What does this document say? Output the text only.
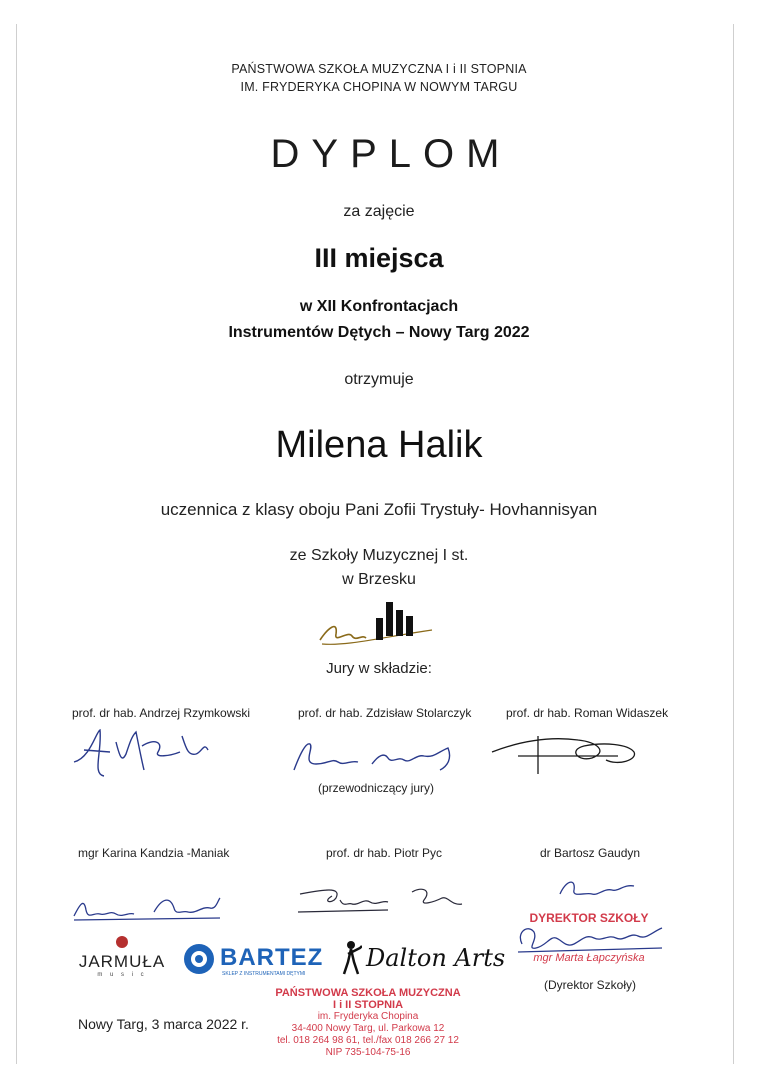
PAŃSTWOWA SZKOŁA MUZYCZNA I i II STOPNIA
IM. FRYDERYKA CHOPINA W NOWYM TARGU
DYPLOM
za zajęcie
III miejsca
w XII Konfrontacjach
Instrumentów Dętych – Nowy Targ 2022
otrzymuje
Milena Halik
uczennica z klasy oboju Pani Zofii Trystuły- Hovhannisyan
ze Szkoły Muzycznej I st.
w Brzesku
Jury w składzie:
prof. dr hab. Andrzej Rzymkowski	prof. dr hab. Zdzisław Stolarczyk	prof. dr hab. Roman Widaszek
(przewodniczący jury)
mgr Karina Kandzia -Maniak	prof. dr hab. Piotr Pyc	dr Bartosz Gaudyn
DYREKTOR SZKOŁY
mgr Marta Łapczyńska
(Dyrektor Szkoły)
JARMUŁA
m u s i c
BARTEZ
SKLEP Z INSTRUMENTAMI DĘTYMI
Dalton Arts
PAŃSTWOWA SZKOŁA MUZYCZNA
I i II STOPNIA
im. Fryderyka Chopina
34-400 Nowy Targ, ul. Parkowa 12
tel. 018 264 98 61, tel./fax 018 266 27 12
NIP 735-104-75-16
Nowy Targ, 3 marca 2022 r.
